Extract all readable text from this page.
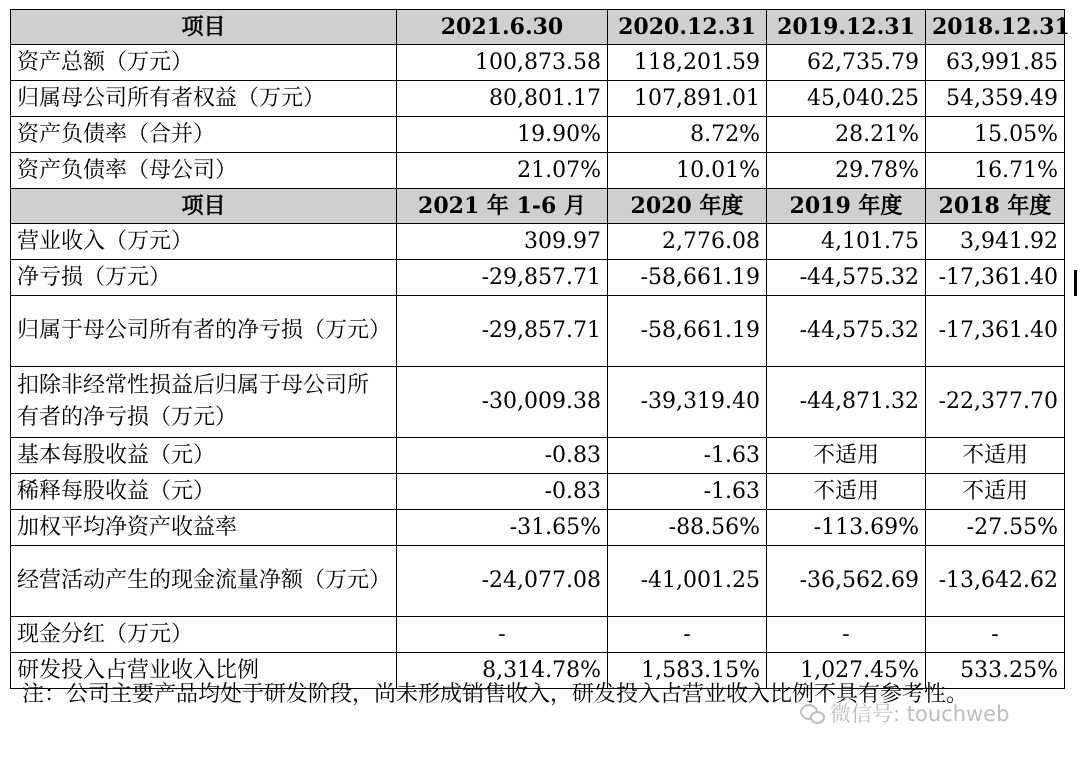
项目	2021.6.30	2020.12.31	2019.12.31	2018.12.31
资产总额（万元）	100,873.58	118,201.59	62,735.79	63,991.85
归属母公司所有者权益（万元）	80,801.17	107,891.01	45,040.25	54,359.49
资产负债率（合并）	19.90%	8.72%	28.21%	15.05%
资产负债率（母公司）	21.07%	10.01%	29.78%	16.71%
项目	2021 年 1-6 月	2020 年度	2019 年度	2018 年度
营业收入（万元）	309.97	2,776.08	4,101.75	3,941.92
净亏损（万元）	-29,857.71	-58,661.19	-44,575.32	-17,361.40
归属于母公司所有者的净亏损（万元）	-29,857.71	-58,661.19	-44,575.32	-17,361.40
扣除非经常性损益后归属于母公司所有者的净亏损（万元）	-30,009.38	-39,319.40	-44,871.32	-22,377.70
基本每股收益（元）	-0.83	-1.63	不适用	不适用
稀释每股收益（元）	-0.83	-1.63	不适用	不适用
加权平均净资产收益率	-31.65%	-88.56%	-113.69%	-27.55%
经营活动产生的现金流量净额（万元）	-24,077.08	-41,001.25	-36,562.69	-13,642.62
现金分红（万元）	-	-	-	-
研发投入占营业收入比例	8,314.78%	1,583.15%	1,027.45%	533.25%
注：公司主要产品均处于研发阶段，尚未形成销售收入，研发投入占营业收入比例不具有参考性。
微信号: touchweb
